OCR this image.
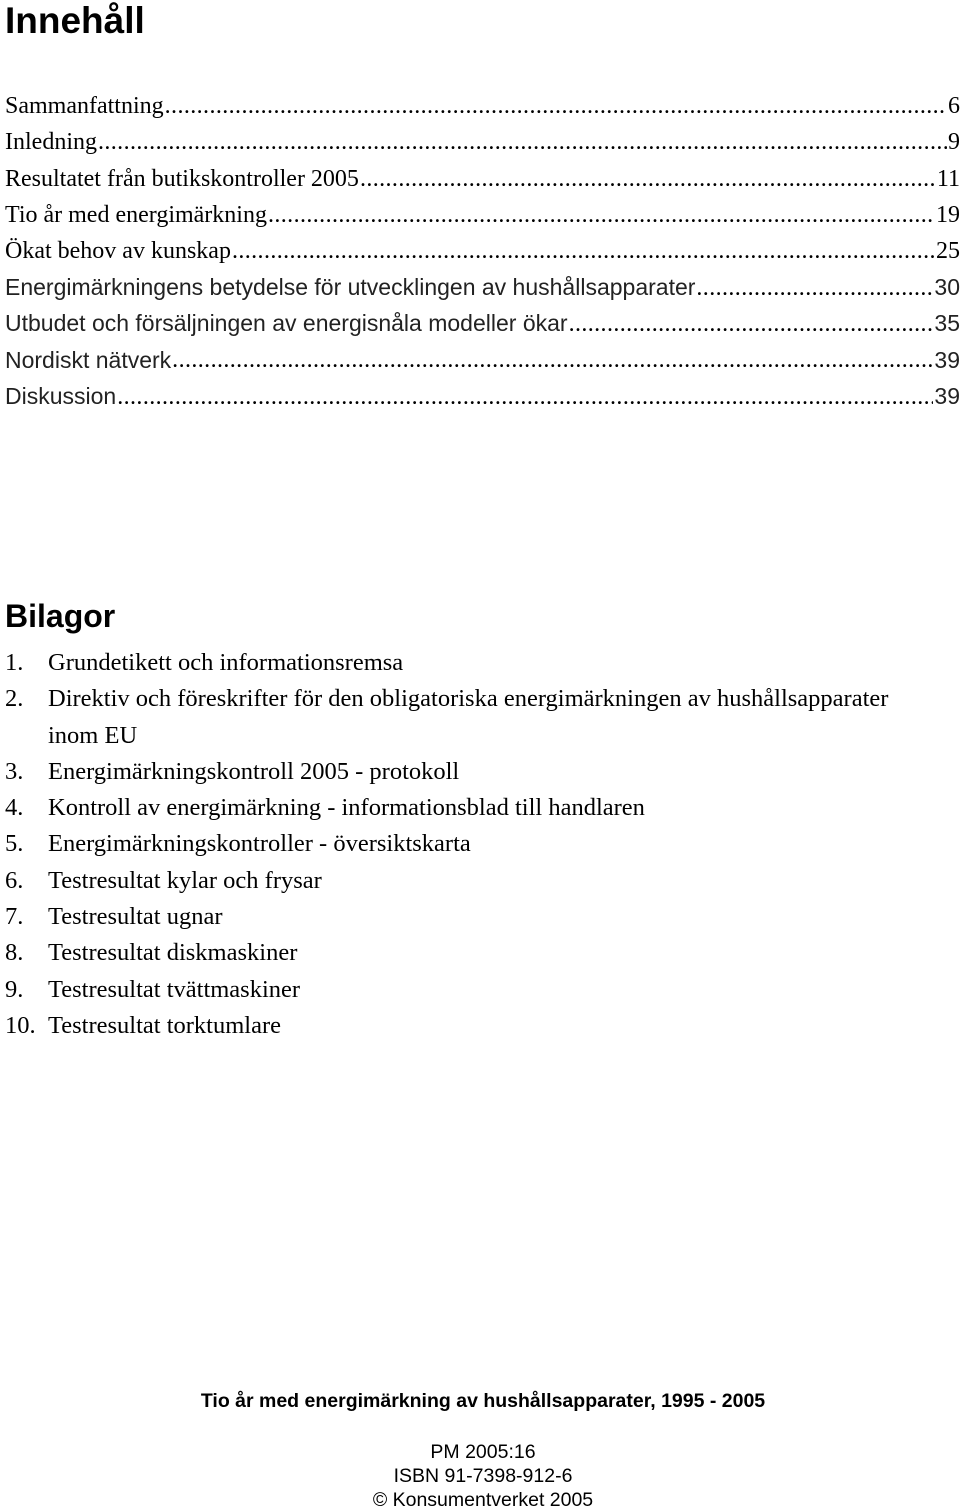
Innehåll
Sammanfattning .....	6
Inledning .....	9
Resultatet från butikskontroller 2005 .....	11
Tio år med energimärkning .....	19
Ökat behov av kunskap .....	25
Energimärkningens betydelse för utvecklingen av hushållsapparater .....	30
Utbudet och försäljningen av energisnåla modeller ökar .....	35
Nordiskt nätverk .....	39
Diskussion .....	39
Bilagor
1.	Grundetikett och informationsremsa
2.	Direktiv och föreskrifter för den obligatoriska energimärkningen av hushållsapparater inom EU
3.	Energimärkningskontroll 2005 - protokoll
4.	Kontroll av energimärkning - informationsblad till handlaren
5.	Energimärkningskontroller - översiktskarta
6.	Testresultat kylar och frysar
7.	Testresultat ugnar
8.	Testresultat diskmaskiner
9.	Testresultat tvättmaskiner
10. Testresultat torktumlare
Tio år med energimärkning av hushållsapparater, 1995 - 2005
PM 2005:16
ISBN 91-7398-912-6
© Konsumentverket 2005
